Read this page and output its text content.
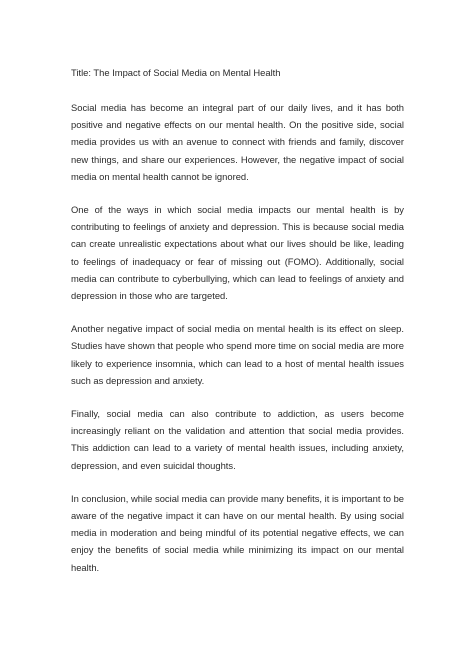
Title: The Impact of Social Media on Mental Health

Social media has become an integral part of our daily lives, and it has both positive and negative effects on our mental health. On the positive side, social media provides us with an avenue to connect with friends and family, discover new things, and share our experiences. However, the negative impact of social media on mental health cannot be ignored.

One of the ways in which social media impacts our mental health is by contributing to feelings of anxiety and depression. This is because social media can create unrealistic expectations about what our lives should be like, leading to feelings of inadequacy or fear of missing out (FOMO). Additionally, social media can contribute to cyberbullying, which can lead to feelings of anxiety and depression in those who are targeted.

Another negative impact of social media on mental health is its effect on sleep. Studies have shown that people who spend more time on social media are more likely to experience insomnia, which can lead to a host of mental health issues such as depression and anxiety.

Finally, social media can also contribute to addiction, as users become increasingly reliant on the validation and attention that social media provides. This addiction can lead to a variety of mental health issues, including anxiety, depression, and even suicidal thoughts.

In conclusion, while social media can provide many benefits, it is important to be aware of the negative impact it can have on our mental health. By using social media in moderation and being mindful of its potential negative effects, we can enjoy the benefits of social media while minimizing its impact on our mental health.
